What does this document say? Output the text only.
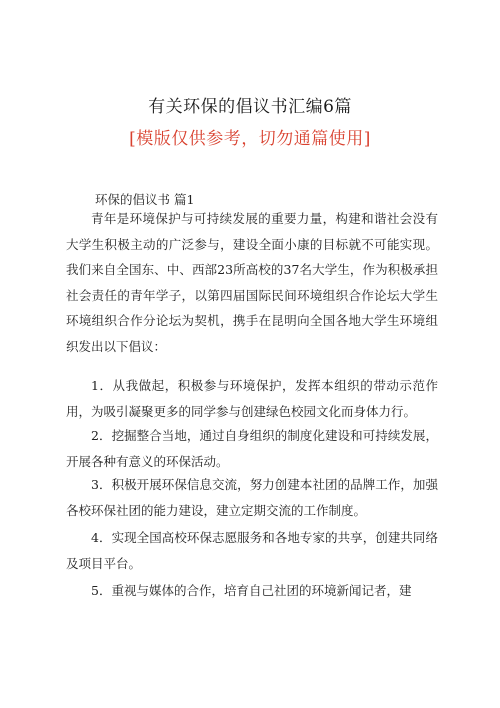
有关环保的倡议书汇编6篇
[模版仅供参考，切勿通篇使用]
环保的倡议书 篇1

青年是环境保护与可持续发展的重要力量，构建和谐社会没有大学生积极主动的广泛参与，建设全面小康的目标就不可能实现。我们来自全国东、中、西部23所高校的37名大学生，作为积极承担社会责任的青年学子，以第四届国际民间环境组织合作论坛大学生环境组织合作分论坛为契机，携手在昆明向全国各地大学生环境组织发出以下倡议：

1．从我做起，积极参与环境保护，发挥本组织的带动示范作用，为吸引凝聚更多的同学参与创建绿色校园文化而身体力行。

2．挖掘整合当地，通过自身组织的制度化建设和可持续发展，开展各种有意义的环保活动。

3．积极开展环保信息交流，努力创建本社团的品牌工作，加强各校环保社团的能力建设，建立定期交流的工作制度。

4．实现全国高校环保志愿服务和各地专家的共享，创建共同络及项目平台。

5．重视与媒体的合作，培育自己社团的环境新闻记者，建
